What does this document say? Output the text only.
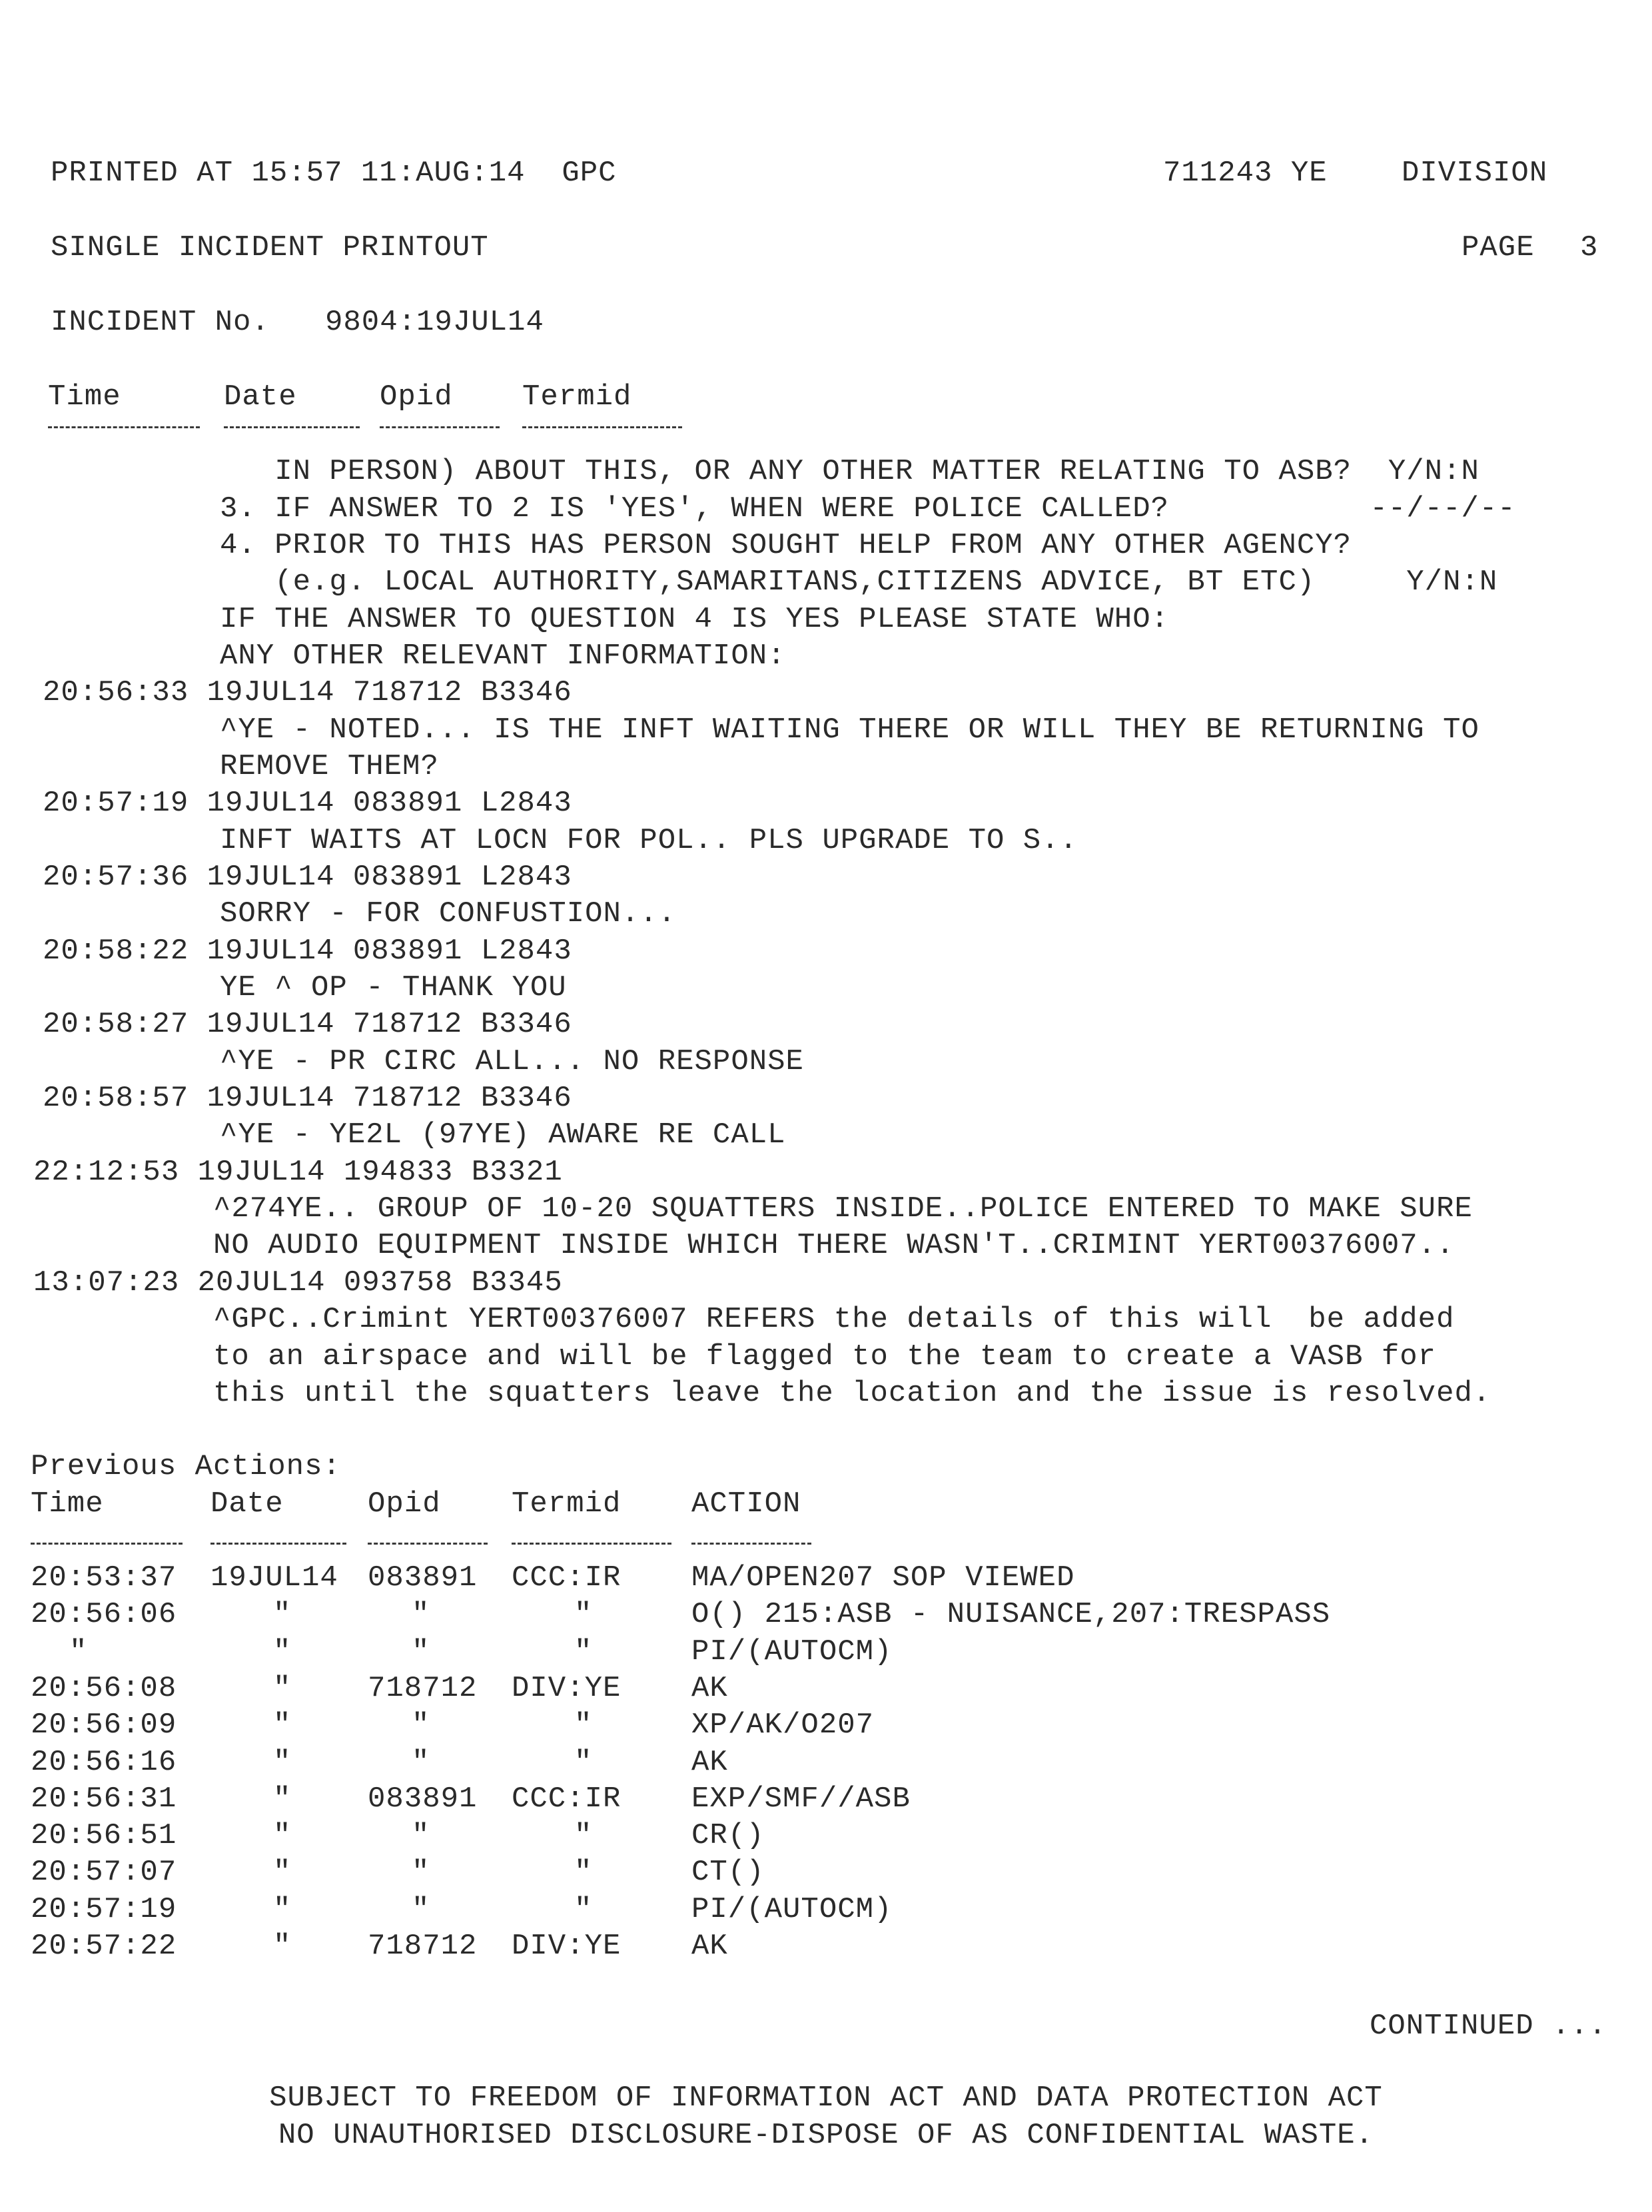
PRINTED AT 15:57 11:AUG:14  GPC	711243 YE	DIVISION
SINGLE INCIDENT PRINTOUT	PAGE 3
INCIDENT No. 9804:19JUL14
Time	Date	Opid Termid
IN PERSON) ABOUT THIS, OR ANY OTHER MATTER RELATING TO ASB?  Y/N:N
3. IF ANSWER TO 2 IS 'YES', WHEN WERE POLICE CALLED?           --/--/--
4. PRIOR TO THIS HAS PERSON SOUGHT HELP FROM ANY OTHER AGENCY?
(e.g. LOCAL AUTHORITY,SAMARITANS,CITIZENS ADVICE, BT ETC)     Y/N:N
IF THE ANSWER TO QUESTION 4 IS YES PLEASE STATE WHO:
ANY OTHER RELEVANT INFORMATION:
20:56:33 19JUL14 718712 B3346
^YE - NOTED... IS THE INFT WAITING THERE OR WILL THEY BE RETURNING TO
REMOVE THEM?
20:57:19 19JUL14 083891 L2843
INFT WAITS AT LOCN FOR POL.. PLS UPGRADE TO S..
20:57:36 19JUL14 083891 L2843
SORRY - FOR CONFUSTION...
20:58:22 19JUL14 083891 L2843
YE ^ OP - THANK YOU
20:58:27 19JUL14 718712 B3346
^YE - PR CIRC ALL... NO RESPONSE
20:58:57 19JUL14 718712 B3346
^YE - YE2L (97YE) AWARE RE CALL
22:12:53 19JUL14 194833 B3321
^274YE.. GROUP OF 10-20 SQUATTERS INSIDE..POLICE ENTERED TO MAKE SURE
NO AUDIO EQUIPMENT INSIDE WHICH THERE WASN'T..CRIMINT YERT00376007..
13:07:23 20JUL14 093758 B3345
^GPC..Crimint YERT00376007 REFERS the details of this will  be added
to an airspace and will be flagged to the team to create a VASB for
this until the squatters leave the location and the issue is resolved.
Previous Actions:
Time	Date	Opid Termid ACTION
20:53:37 19JUL14 083891 CCC:IR MA/OPEN207 SOP VIEWED
20:56:06	"	"	"	O() 215:ASB - NUISANCE,207:TRESPASS
"	"	"	"	PI/(AUTOCM)
20:56:08	"	718712 DIV:YE AK
20:56:09	"	"	"	XP/AK/O207
20:56:16	"	"	"	AK
20:56:31	"	083891 CCC:IR EXP/SMF//ASB
20:56:51	"	"	"	CR()
20:57:07	"	"	"	CT()
20:57:19	"	"	"	PI/(AUTOCM)
20:57:22	"	718712 DIV:YE AK
CONTINUED ...
SUBJECT TO FREEDOM OF INFORMATION ACT AND DATA PROTECTION ACT
NO UNAUTHORISED DISCLOSURE-DISPOSE OF AS CONFIDENTIAL WASTE.
